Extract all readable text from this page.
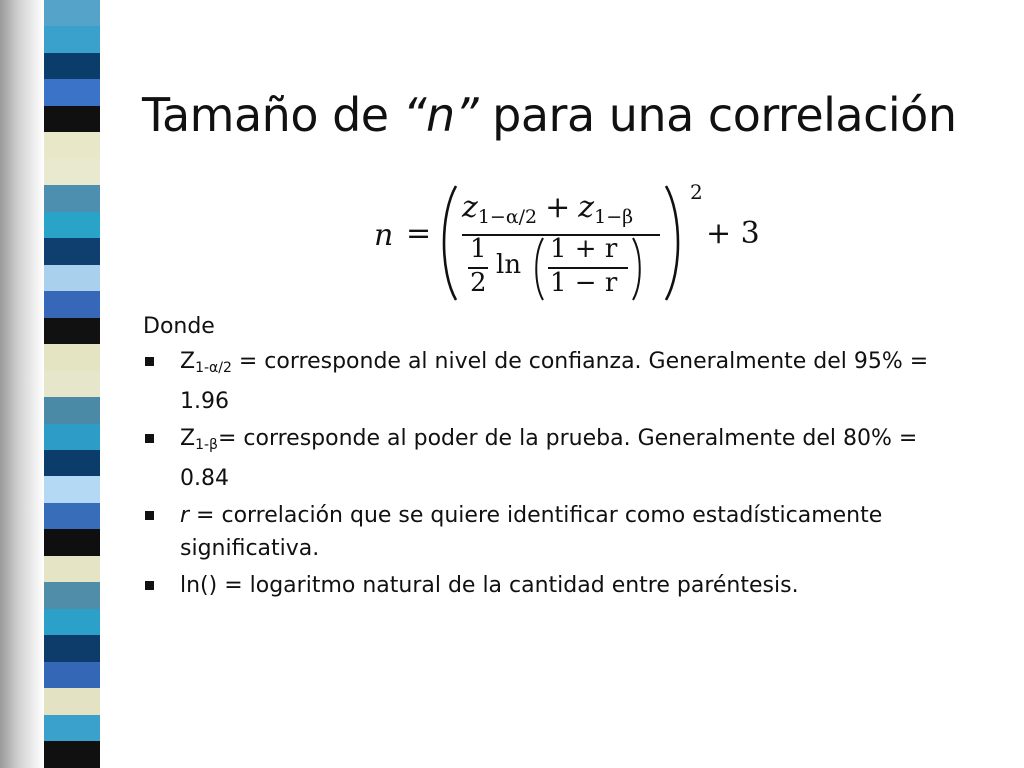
Tamaño de “n” para una correlación
n =
$z_{1-\alpha/2} + z_{1-\beta}$
1
2
ln
1 + r
1 − r
2
+ 3
Donde
$Z_{1-\alpha/2}$ = corresponde al nivel de confianza. Generalmente del 95% = 1.96
$Z_{1-\beta}=$ corresponde al poder de la prueba. Generalmente del 80% = 0.84
r = correlación que se quiere identificar como estadísticamente significativa.
ln() = logaritmo natural de la cantidad entre paréntesis.
